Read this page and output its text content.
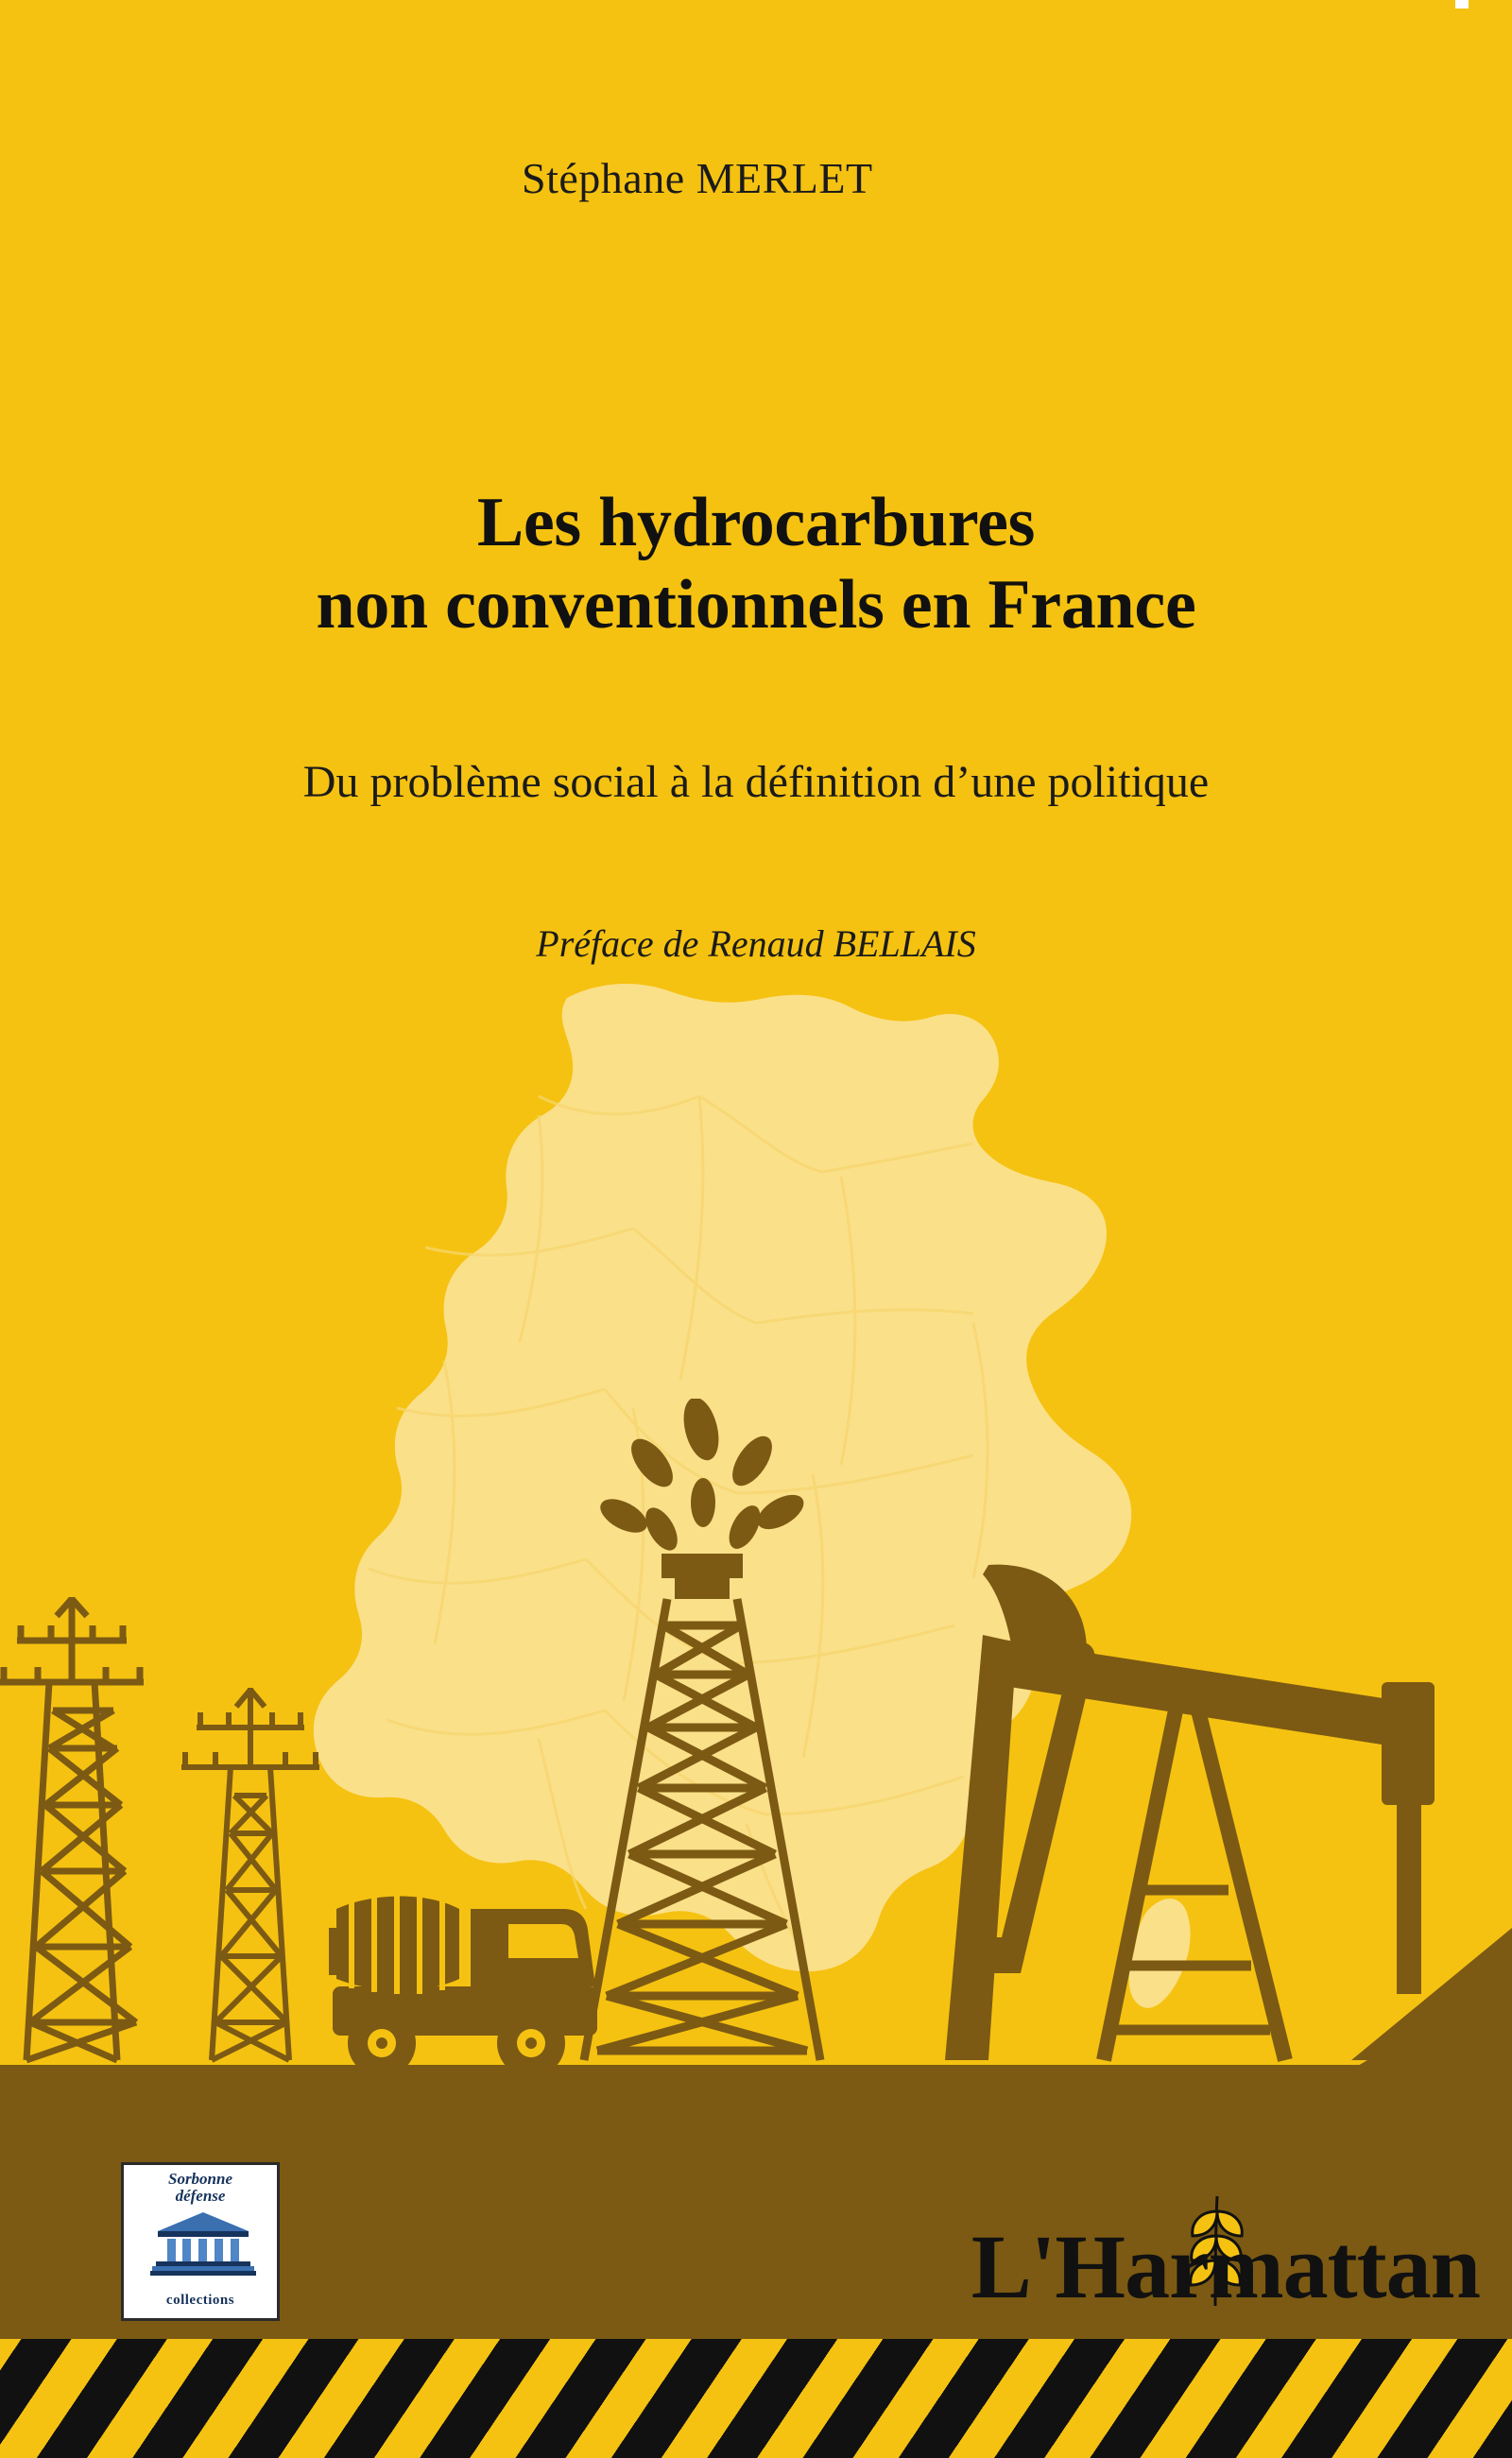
Stéphane MERLET
Les hydrocarbures
non conventionnels en France
Du problème social à la définition d’une politique
Préface de Renaud BELLAIS
Sorbonne
défense
collections	L'Harmattan
